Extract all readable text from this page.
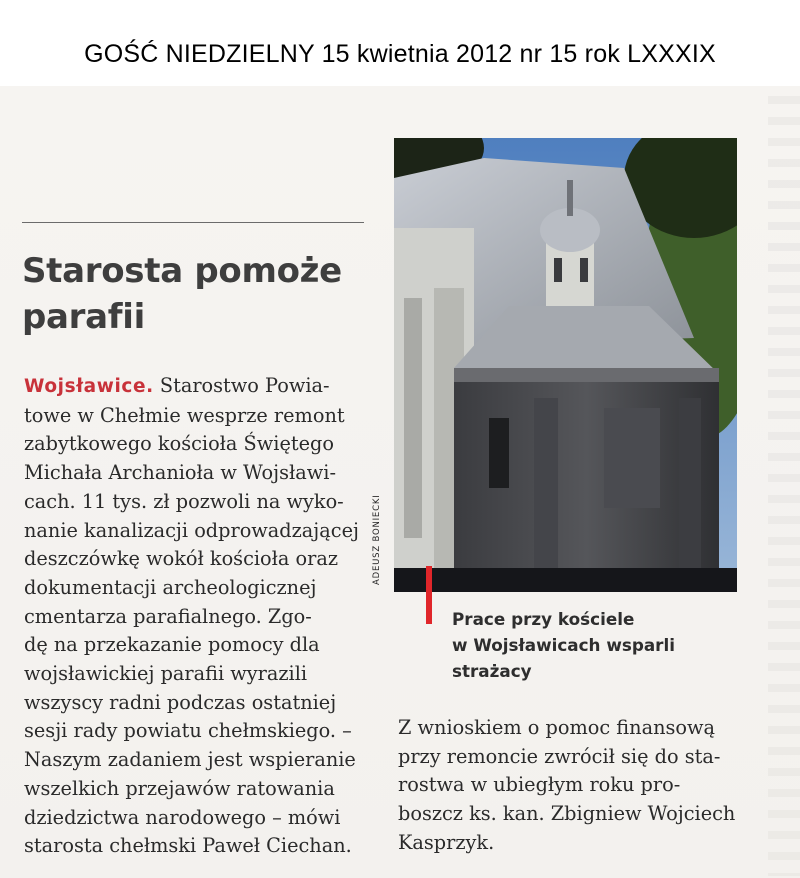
GOŚĆ NIEDZIELNY 15 kwietnia 2012 nr 15 rok LXXXIX

Starosta pomoże
parafii
Wojsławice. Starostwo Powia-
towe w Chełmie wesprze remont
zabytkowego kościoła Świętego
Michała Archanioła w Wojsławi-
cach. 11 tys. zł pozwoli na wyko-
nanie kanalizacji odprowadzającej
deszczówkę wokół kościoła oraz
dokumentacji archeologicznej
cmentarza parafialnego. Zgo-
dę na przekazanie pomocy dla
wojsławickiej parafii wyrazili
wszyscy radni podczas ostatniej
sesji rady powiatu chełmskiego. –
Naszym zadaniem jest wspieranie
wszelkich przejawów ratowania
dziedzictwa narodowego – mówi
starosta chełmski Paweł Ciechan.
Prace przy kościele
w Wojsławicach wsparli
strażacy
Z wnioskiem o pomoc finansową
przy remoncie zwrócił się do sta-
rostwa w ubiegłym roku pro-
boszcz ks. kan. Zbigniew Wojciech
Kasprzyk.
